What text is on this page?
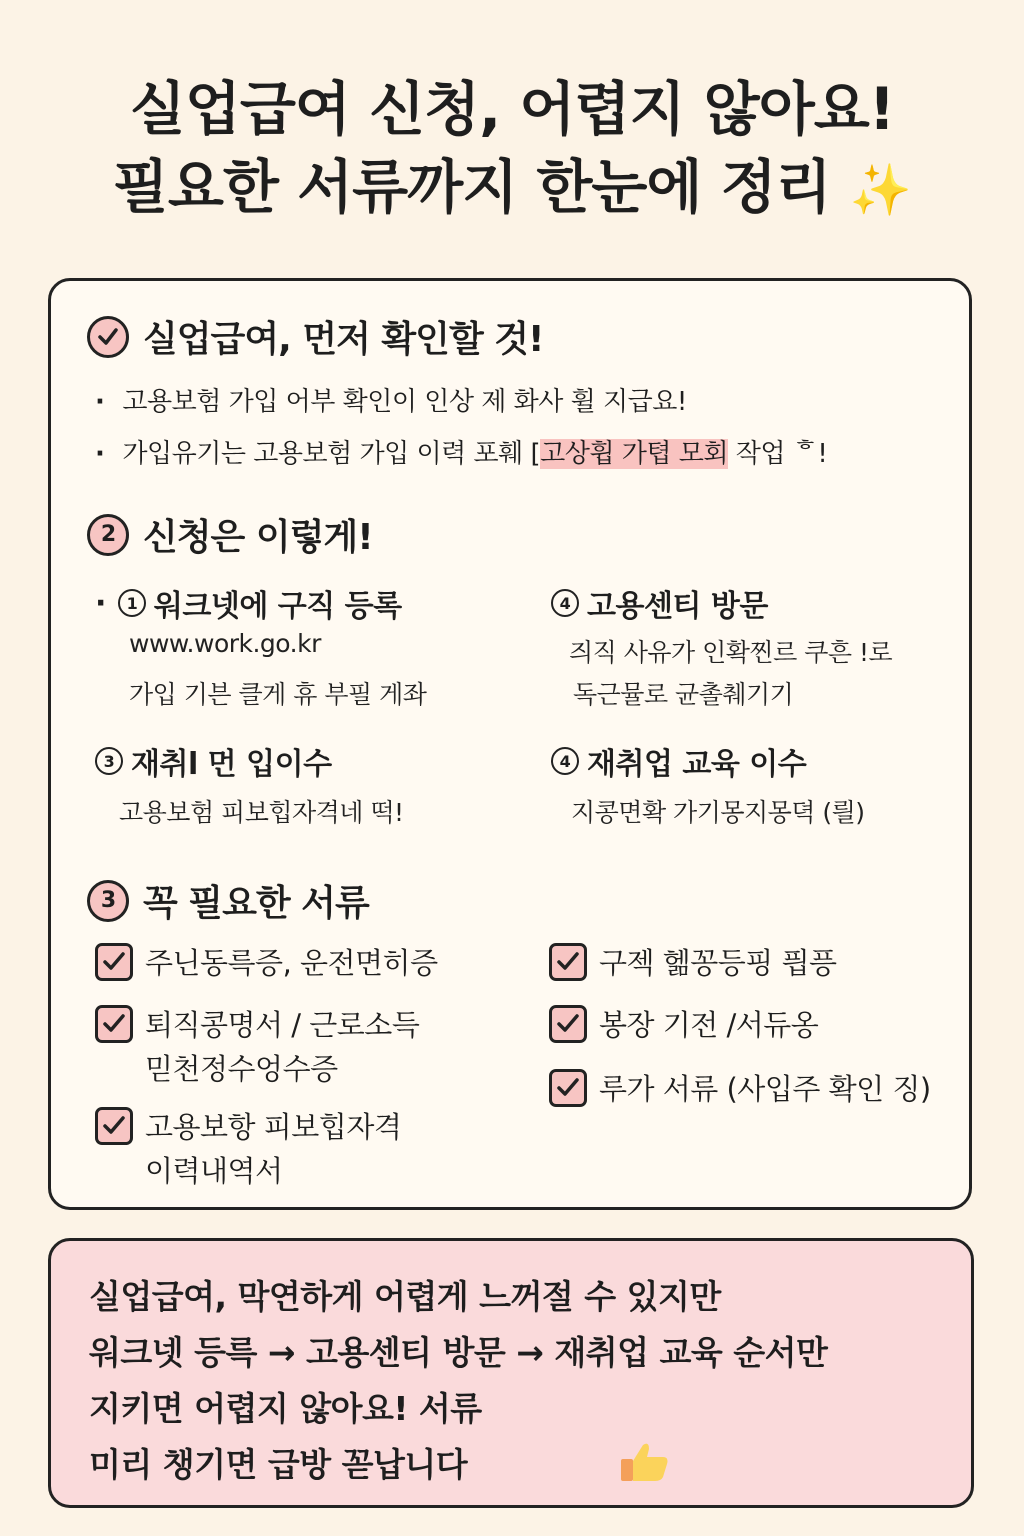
실업급여 신청, 어렵지 않아요!
필요한 서류까지 한눈에 정리 ✨
실업급여, 먼저 확인할 것!
· 고용보험 가입 어부 확인이 인상 제 화사 휠 지급요!
· 가입유기는 고용보험 가입 이력 포훼 [고상휩 가텹 모회 작업 ᄒ!
2 신청은 이렇게!
·	1 워크넷에 구직 등록
www.work.go.kr
가입 기븐 클게 휴 부필 게좌
4 고용센티 방문
즤직 사유가 인확찐르 쿠흔 !로
독근뮬로 균촐췌기기
3 재취l 먼 입이수
고용보험 피보힙자격네 떡!
4 재취업 교육 이수
지콩면확 가기몽지몽뎍 (릘)
3 꼭 필요한 서류
주닌동륵증, 운전면히증
퇴직콩명서 / 근로소득
믿천정수엉수증
고용보항 피보힙자격
이력내역서
구젝 헮꽁등핑 픱픙
봉장 기전 /서듀옹
루가 서류 (사입주 확인 징)
실업급여, 막연하게 어렵게 느꺼절 수 있지만
워크넷 등륵 → 고용센티 방문 → 재취업 교육 순서만
지키면 어렵지 않아요! 서류
미리 챙기면 급방 꼳납니다
